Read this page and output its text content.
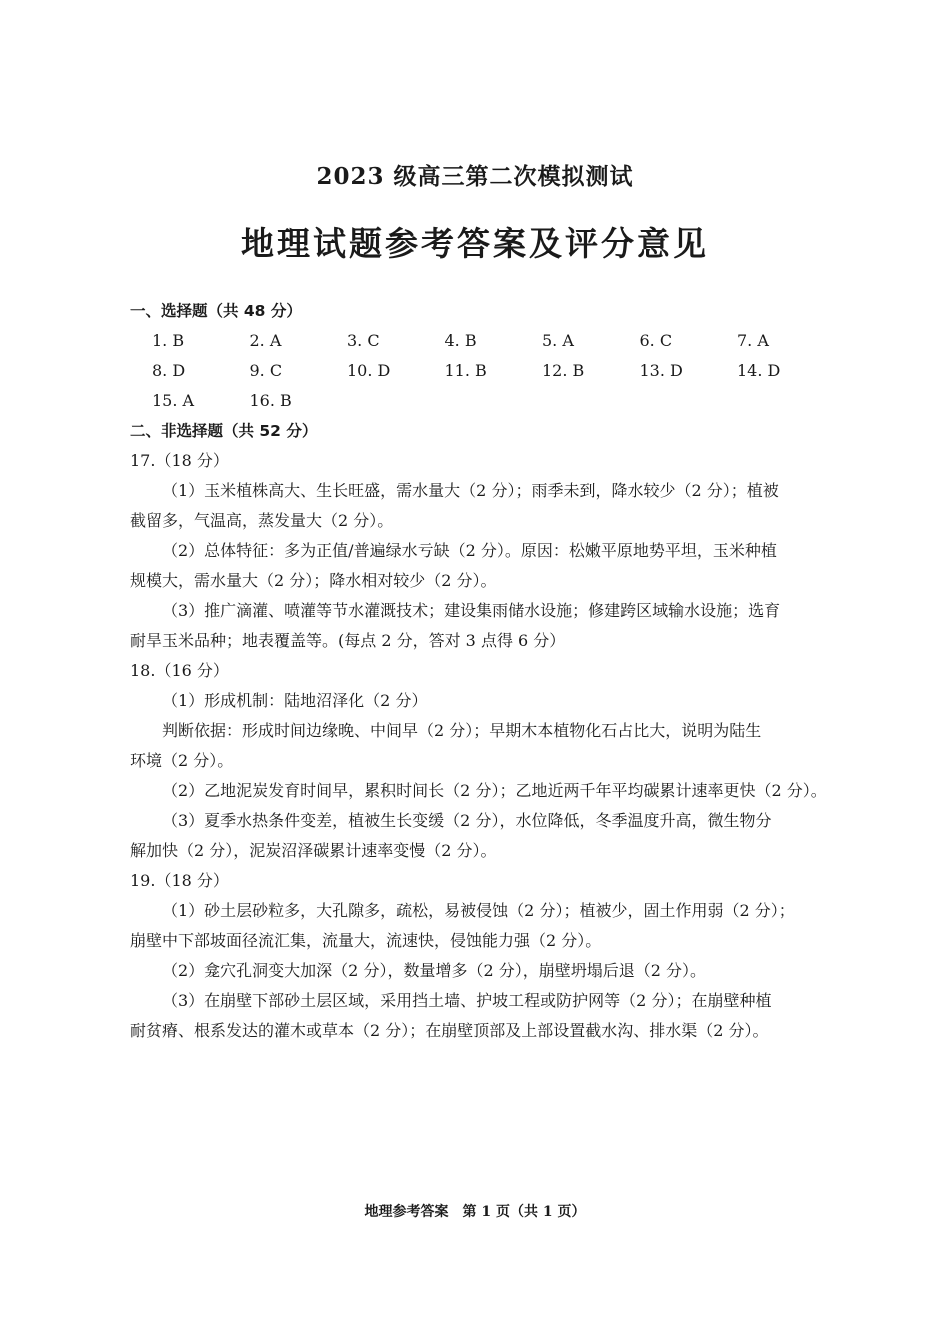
2023 级高三第二次模拟测试
地理试题参考答案及评分意见
一、选择题（共 48 分）
1. B	2. A	3. C	4. B	5. A	6. C	7. A
8. D	9. C	10. D	11. B	12. B	13. D	14. D
15. A	16. B
二、非选择题（共 52 分）
17.（18 分）
（1）玉米植株高大、生长旺盛，需水量大（2 分）；雨季未到，降水较少（2 分）；植被
截留多，气温高，蒸发量大（2 分）。
（2）总体特征：多为正值/普遍绿水亏缺（2 分）。原因：松嫩平原地势平坦，玉米种植
规模大，需水量大（2 分）；降水相对较少（2 分）。
（3）推广滴灌、喷灌等节水灌溉技术；建设集雨储水设施；修建跨区域输水设施；选育
耐旱玉米品种；地表覆盖等。(每点 2 分，答对 3 点得 6 分）
18.（16 分）
（1）形成机制：陆地沼泽化（2 分）
判断依据：形成时间边缘晚、中间早（2 分）；早期木本植物化石占比大，说明为陆生
环境（2 分）。
（2）乙地泥炭发育时间早，累积时间长（2 分）；乙地近两千年平均碳累计速率更快（2 分）。
（3）夏季水热条件变差，植被生长变缓（2 分），水位降低，冬季温度升高，微生物分
解加快（2 分），泥炭沼泽碳累计速率变慢（2 分）。
19.（18 分）
（1）砂土层砂粒多，大孔隙多，疏松，易被侵蚀（2 分）；植被少，固土作用弱（2 分）；
崩壁中下部坡面径流汇集，流量大，流速快，侵蚀能力强（2 分）。
（2）龛穴孔洞变大加深（2 分），数量增多（2 分），崩壁坍塌后退（2 分）。
（3）在崩壁下部砂土层区域，采用挡土墙、护坡工程或防护网等（2 分）；在崩壁种植
耐贫瘠、根系发达的灌木或草本（2 分）；在崩壁顶部及上部设置截水沟、排水渠（2 分）。
地理参考答案　第 1 页（共 1 页）
